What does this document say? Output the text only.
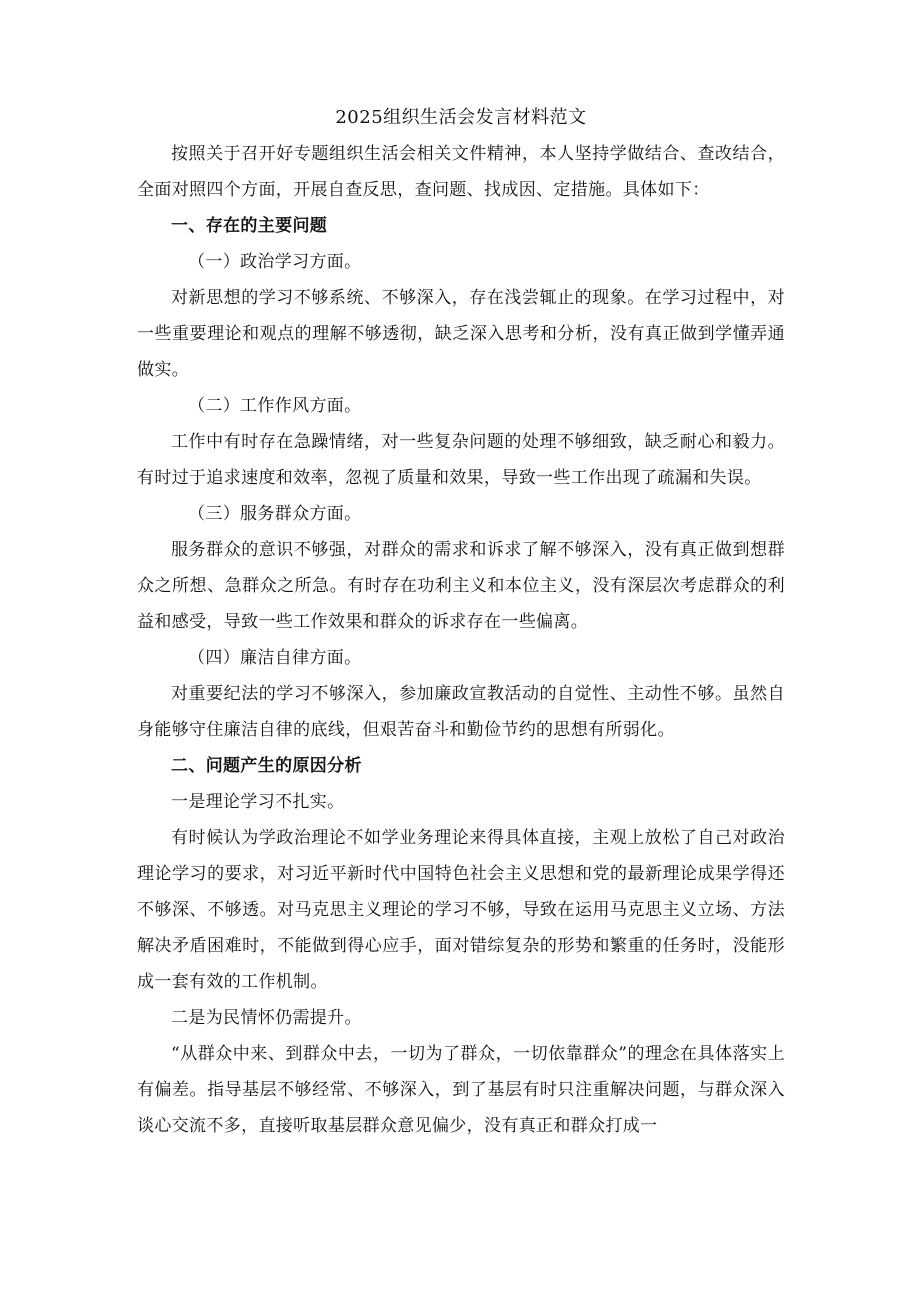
2025组织生活会发言材料范文

按照关于召开好专题组织生活会相关文件精神，本人坚持学做结合、查改结合，全面对照四个方面，开展自查反思，查问题、找成因、定措施。具体如下：

一、存在的主要问题

（一）政治学习方面。

对新思想的学习不够系统、不够深入，存在浅尝辄止的现象。在学习过程中，对一些重要理论和观点的理解不够透彻，缺乏深入思考和分析，没有真正做到学懂弄通做实。

（二）工作作风方面。

工作中有时存在急躁情绪，对一些复杂问题的处理不够细致，缺乏耐心和毅力。有时过于追求速度和效率，忽视了质量和效果，导致一些工作出现了疏漏和失误。

（三）服务群众方面。

服务群众的意识不够强，对群众的需求和诉求了解不够深入，没有真正做到想群众之所想、急群众之所急。有时存在功利主义和本位主义，没有深层次考虑群众的利益和感受，导致一些工作效果和群众的诉求存在一些偏离。

（四）廉洁自律方面。

对重要纪法的学习不够深入，参加廉政宣教活动的自觉性、主动性不够。虽然自身能够守住廉洁自律的底线，但艰苦奋斗和勤俭节约的思想有所弱化。

二、问题产生的原因分析

一是理论学习不扎实。

有时候认为学政治理论不如学业务理论来得具体直接，主观上放松了自己对政治理论学习的要求，对习近平新时代中国特色社会主义思想和党的最新理论成果学得还不够深、不够透。对马克思主义理论的学习不够，导致在运用马克思主义立场、方法解决矛盾困难时，不能做到得心应手，面对错综复杂的形势和繁重的任务时，没能形成一套有效的工作机制。

二是为民情怀仍需提升。

“从群众中来、到群众中去，一切为了群众，一切依靠群众”的理念在具体落实上有偏差。指导基层不够经常、不够深入，到了基层有时只注重解决问题，与群众深入谈心交流不多，直接听取基层群众意见偏少，没有真正和群众打成一
